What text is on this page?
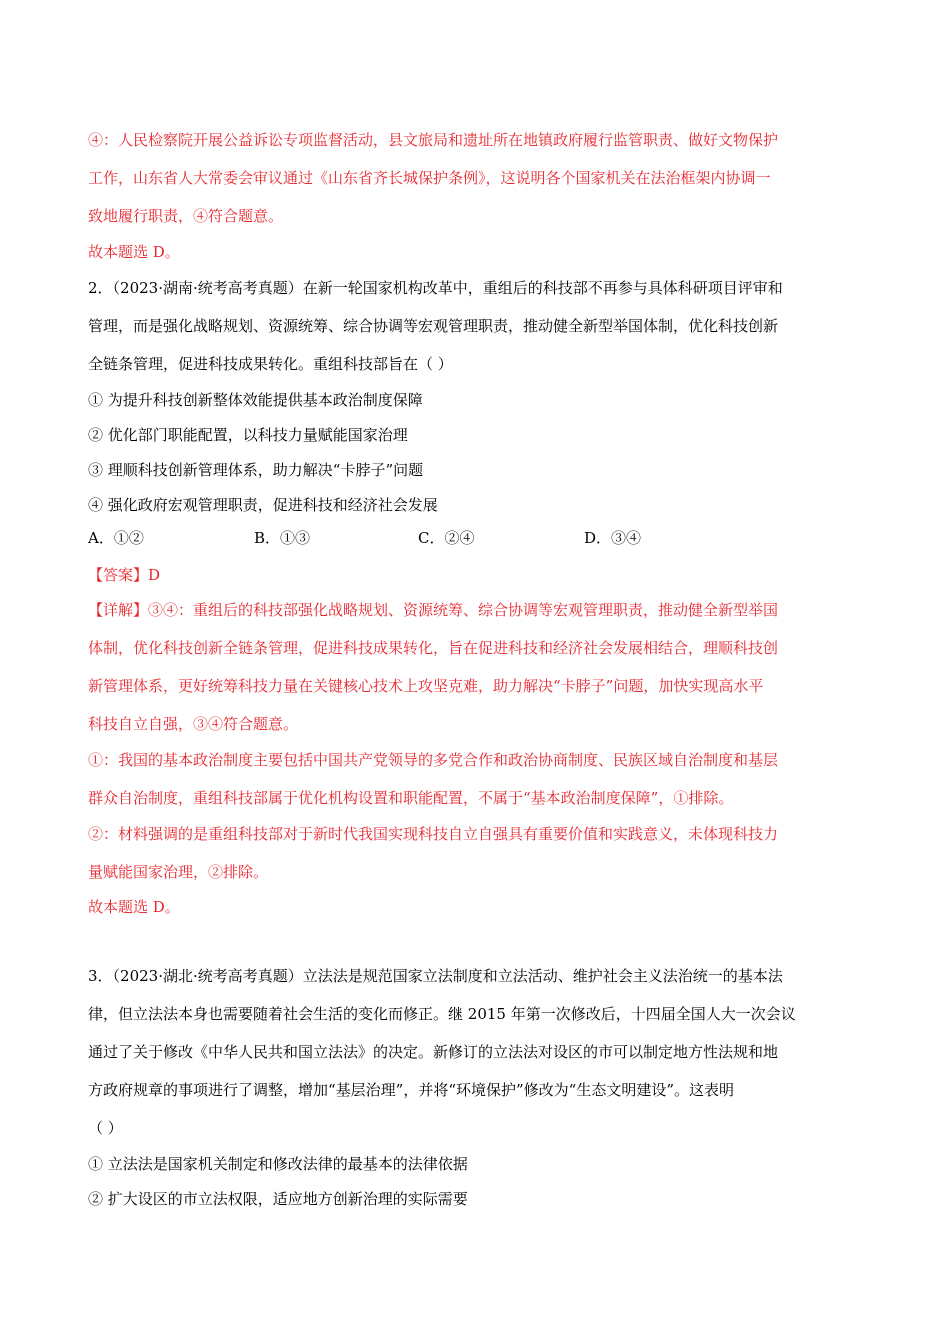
④：人民检察院开展公益诉讼专项监督活动，县文旅局和遗址所在地镇政府履行监管职责、做好文物保护
工作，山东省人大常委会审议通过《山东省齐长城保护条例》，这说明各个国家机关在法治框架内协调一
致地履行职责，④符合题意。
故本题选 D。
2．（2023·湖南·统考高考真题）在新一轮国家机构改革中，重组后的科技部不再参与具体科研项目评审和
管理，而是强化战略规划、资源统筹、综合协调等宏观管理职责，推动健全新型举国体制，优化科技创新
全链条管理，促进科技成果转化。重组科技部旨在（ ）
① 为提升科技创新整体效能提供基本政治制度保障
② 优化部门职能配置，以科技力量赋能国家治理
③ 理顺科技创新管理体系，助力解决“卡脖子”问题
④ 强化政府宏观管理职责，促进科技和经济社会发展
A．①②	B．①③	C．②④	D．③④
【答案】D
【详解】③④：重组后的科技部强化战略规划、资源统筹、综合协调等宏观管理职责，推动健全新型举国
体制，优化科技创新全链条管理，促进科技成果转化，旨在促进科技和经济社会发展相结合，理顺科技创
新管理体系，更好统筹科技力量在关键核心技术上攻坚克难，助力解决“卡脖子”问题，加快实现高水平
科技自立自强，③④符合题意。
①：我国的基本政治制度主要包括中国共产党领导的多党合作和政治协商制度、民族区域自治制度和基层
群众自治制度，重组科技部属于优化机构设置和职能配置，不属于“基本政治制度保障”，①排除。
②：材料强调的是重组科技部对于新时代我国实现科技自立自强具有重要价值和实践意义，未体现科技力
量赋能国家治理，②排除。
故本题选 D。
3．（2023·湖北·统考高考真题）立法法是规范国家立法制度和立法活动、维护社会主义法治统一的基本法
律，但立法法本身也需要随着社会生活的变化而修正。继 2015 年第一次修改后，十四届全国人大一次会议
通过了关于修改《中华人民共和国立法法》的决定。新修订的立法法对设区的市可以制定地方性法规和地
方政府规章的事项进行了调整，增加“基层治理”，并将“环境保护”修改为“生态文明建设”。这表明
（ ）
① 立法法是国家机关制定和修改法律的最基本的法律依据
② 扩大设区的市立法权限，适应地方创新治理的实际需要
